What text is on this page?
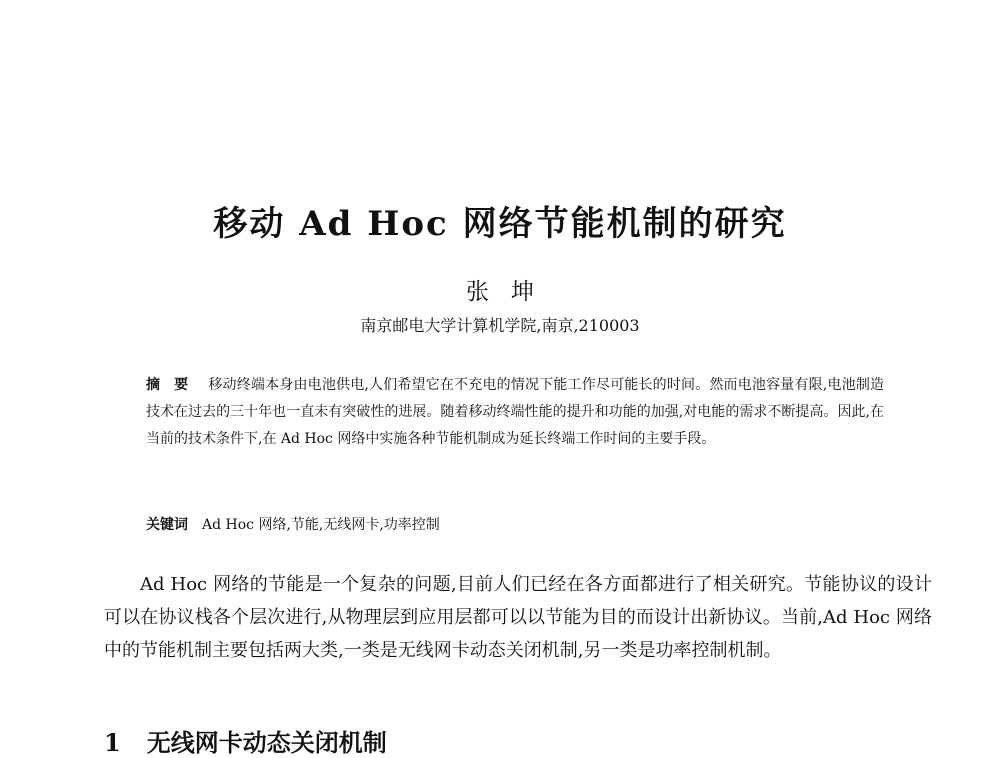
移动 Ad Hoc 网络节能机制的研究
张坤
南京邮电大学计算机学院,南京,210003
摘要 移动终端本身由电池供电,人们希望它在不充电的情况下能工作尽可能长的时间。然而电池容量有限,电池制造技术在过去的三十年也一直未有突破性的进展。随着移动终端性能的提升和功能的加强,对电能的需求不断提高。因此,在当前的技术条件下,在 Ad Hoc 网络中实施各种节能机制成为延长终端工作时间的主要手段。
关键词 Ad Hoc 网络,节能,无线网卡,功率控制
Ad Hoc 网络的节能是一个复杂的问题,目前人们已经在各方面都进行了相关研究。节能协议的设计可以在协议栈各个层次进行,从物理层到应用层都可以以节能为目的而设计出新协议。当前,Ad Hoc 网络中的节能机制主要包括两大类,一类是无线网卡动态关闭机制,另一类是功率控制机制。
1 无线网卡动态关闭机制
